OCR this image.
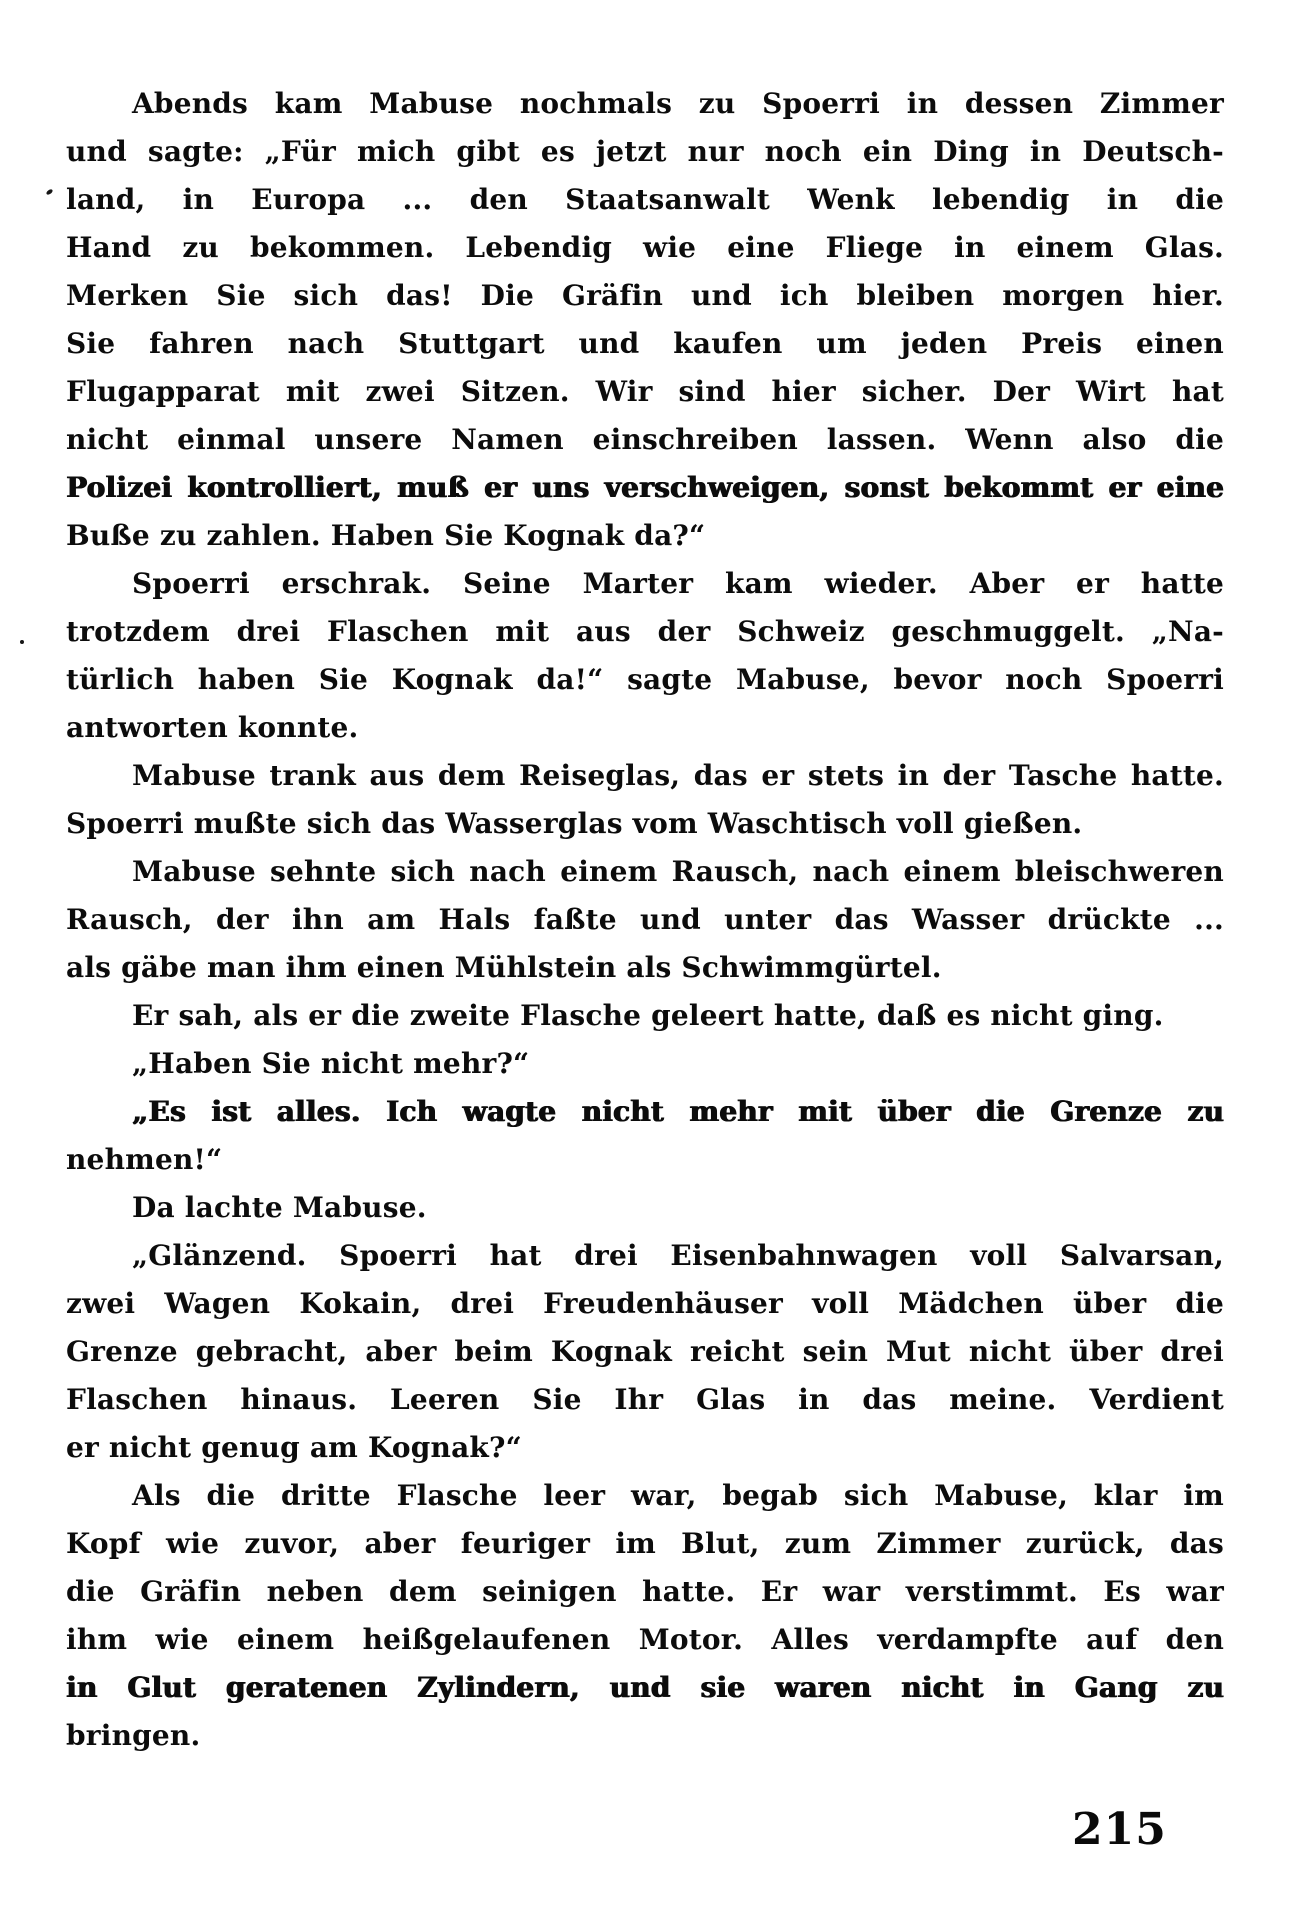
Abends kam Mabuse nochmals zu Spoerri in dessen Zimmer
und sagte: „Für mich gibt es jetzt nur noch ein Ding in Deutsch-
land, in Europa ... den Staatsanwalt Wenk lebendig in die
Hand zu bekommen. Lebendig wie eine Fliege in einem Glas.
Merken Sie sich das! Die Gräfin und ich bleiben morgen hier.
Sie fahren nach Stuttgart und kaufen um jeden Preis einen
Flugapparat mit zwei Sitzen. Wir sind hier sicher. Der Wirt hat
nicht einmal unsere Namen einschreiben lassen. Wenn also die
Polizei kontrolliert, muß er uns verschweigen, sonst bekommt er eine
Buße zu zahlen. Haben Sie Kognak da?“
Spoerri erschrak. Seine Marter kam wieder. Aber er hatte
trotzdem drei Flaschen mit aus der Schweiz geschmuggelt. „Na-
türlich haben Sie Kognak da!“ sagte Mabuse, bevor noch Spoerri
antworten konnte.
Mabuse trank aus dem Reiseglas, das er stets in der Tasche hatte.
Spoerri mußte sich das Wasserglas vom Waschtisch voll gießen.
Mabuse sehnte sich nach einem Rausch, nach einem bleischweren
Rausch, der ihn am Hals faßte und unter das Wasser drückte ...
als gäbe man ihm einen Mühlstein als Schwimmgürtel.
Er sah, als er die zweite Flasche geleert hatte, daß es nicht ging.
„Haben Sie nicht mehr?“
„Es ist alles. Ich wagte nicht mehr mit über die Grenze zu
nehmen!“
Da lachte Mabuse.
„Glänzend. Spoerri hat drei Eisenbahnwagen voll Salvarsan,
zwei Wagen Kokain, drei Freudenhäuser voll Mädchen über die
Grenze gebracht, aber beim Kognak reicht sein Mut nicht über drei
Flaschen hinaus. Leeren Sie Ihr Glas in das meine. Verdient
er nicht genug am Kognak?“
Als die dritte Flasche leer war, begab sich Mabuse, klar im
Kopf wie zuvor, aber feuriger im Blut, zum Zimmer zurück, das
die Gräfin neben dem seinigen hatte. Er war verstimmt. Es war
ihm wie einem heißgelaufenen Motor. Alles verdampfte auf den
in Glut geratenen Zylindern, und sie waren nicht in Gang zu
bringen.
215
